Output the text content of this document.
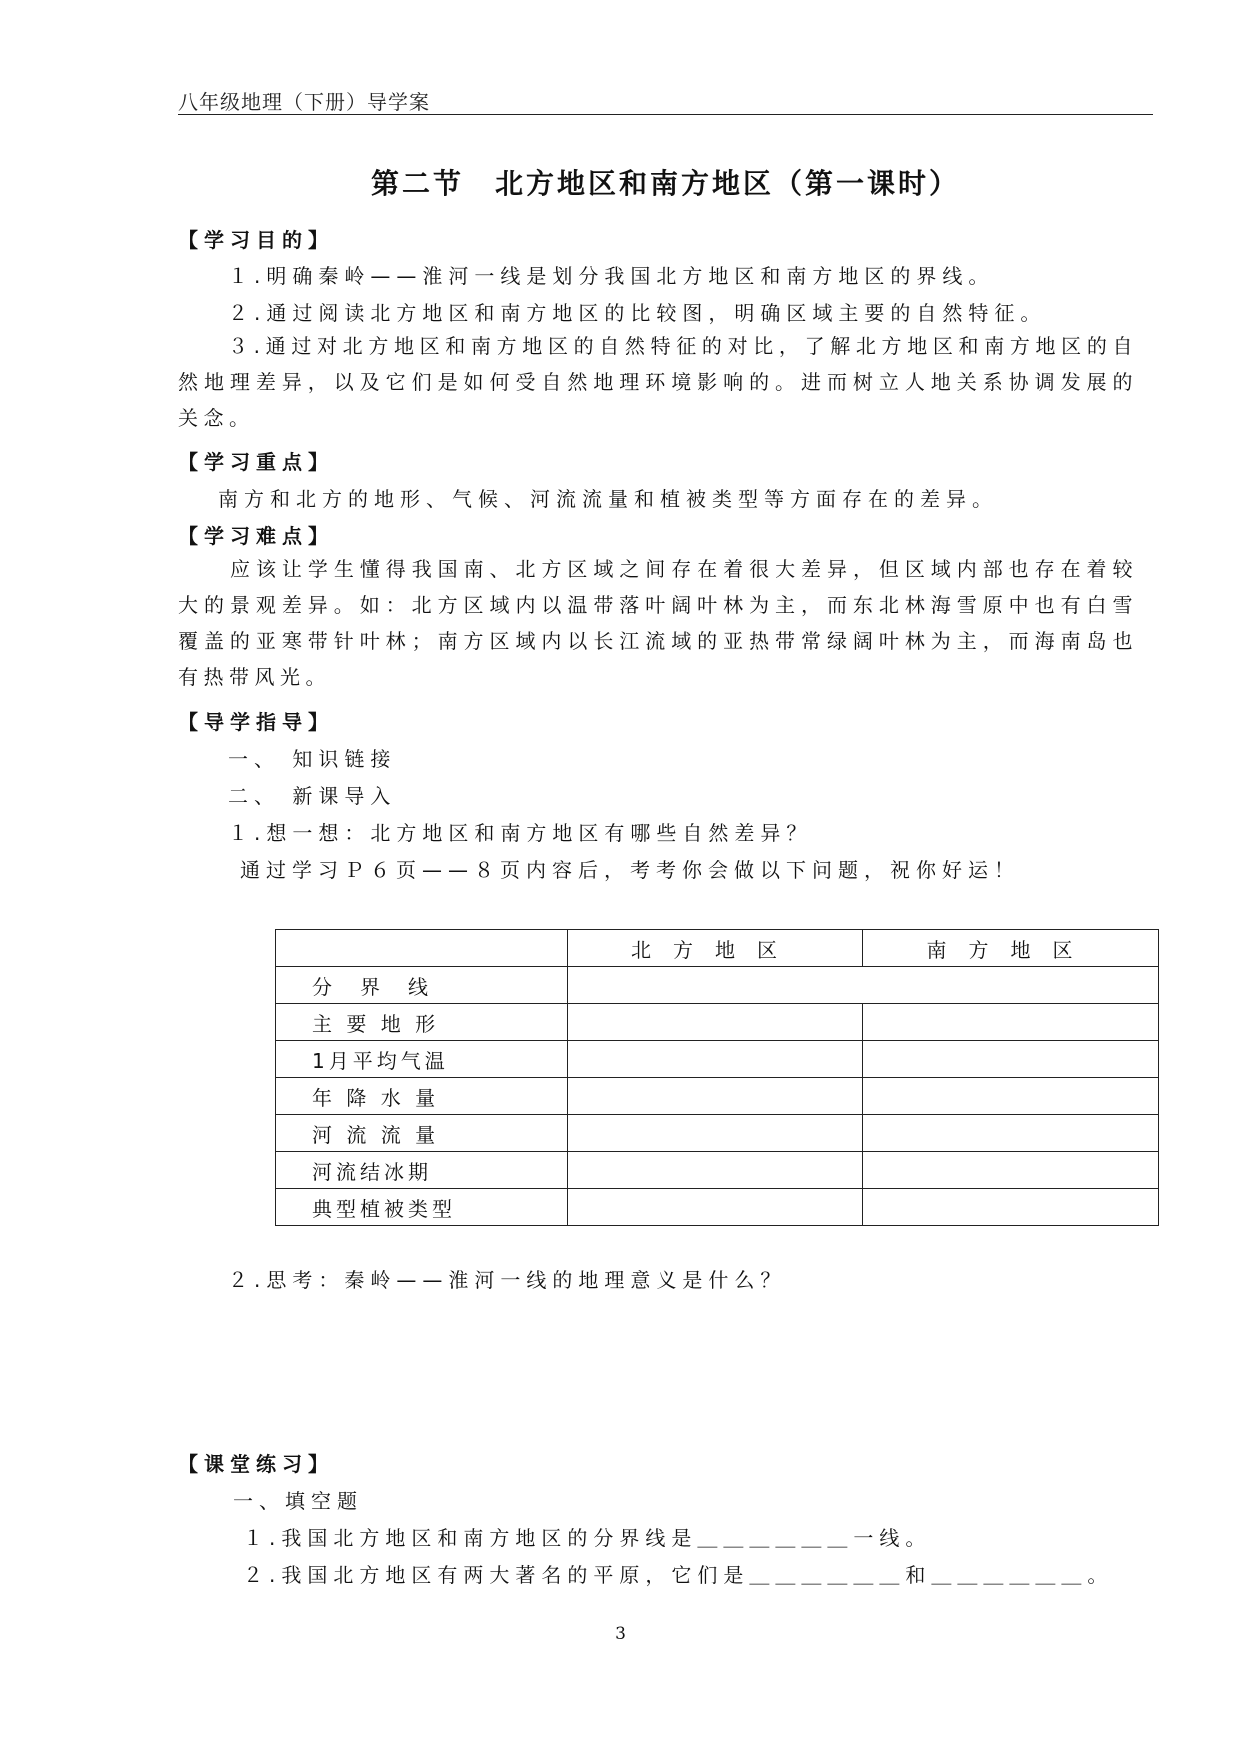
八年级地理（下册）导学案
第二节　北方地区和南方地区（第一课时）
【学习目的】
１.明确秦岭——淮河一线是划分我国北方地区和南方地区的界线。
２.通过阅读北方地区和南方地区的比较图，明确区域主要的自然特征。
３.通过对北方地区和南方地区的自然特征的对比，了解北方地区和南方地区的自然地理差异，以及它们是如何受自然地理环境影响的。进而树立人地关系协调发展的关念。
【学习重点】
南方和北方的地形、气候、河流流量和植被类型等方面存在的差异。
【学习难点】
应该让学生懂得我国南、北方区域之间存在着很大差异，但区域内部也存在着较大的景观差异。如：北方区域内以温带落叶阔叶林为主，而东北林海雪原中也有白雪覆盖的亚寒带针叶林；南方区域内以长江流域的亚热带常绿阔叶林为主，而海南岛也有热带风光。
【导学指导】
一、 知识链接
二、 新课导入
１.想一想：北方地区和南方地区有哪些自然差异？
通过学习Ｐ６页——８页内容后，考考你会做以下问题，祝你好运！
	北方地区	南方地区
分　界　线		
主 要 地 形		
1月平均气温		
年 降 水 量		
河 流 流 量		
河流结冰期		
典型植被类型		
２.思考：秦岭——淮河一线的地理意义是什么？
【课堂练习】
一、填空题
１.我国北方地区和南方地区的分界线是＿＿＿＿＿＿一线。
２.我国北方地区有两大著名的平原，它们是＿＿＿＿＿＿和＿＿＿＿＿＿。
3
